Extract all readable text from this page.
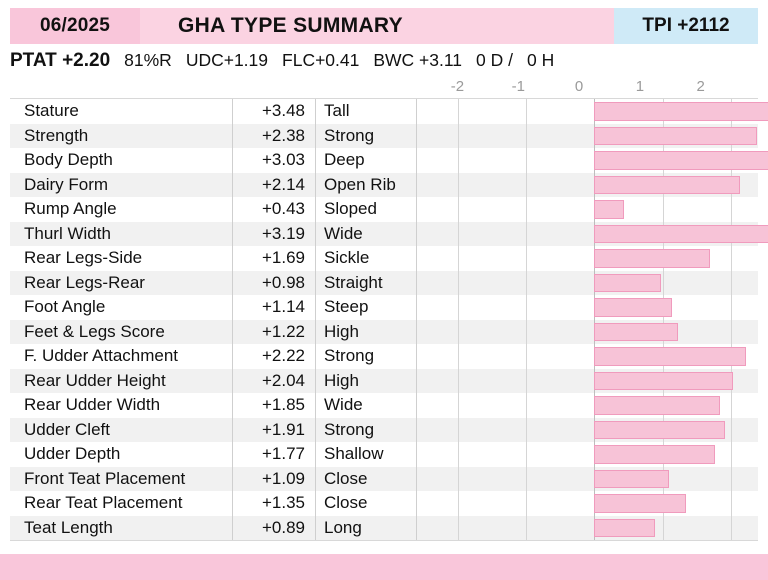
06/2025	GHA TYPE SUMMARY	TPI +2112
PTAT +2.20 81%R UDC+1.19 FLC+0.41 BWC +3.11 0 D / 0 H
-2	-1	0	1	2
Stature	+3.48	Tall
Strength	+2.38	Strong
Body Depth	+3.03	Deep
Dairy Form	+2.14	Open Rib
Rump Angle	+0.43	Sloped
Thurl Width	+3.19	Wide
Rear Legs-Side	+1.69	Sickle
Rear Legs-Rear	+0.98	Straight
Foot Angle	+1.14	Steep
Feet & Legs Score	+1.22	High
F. Udder Attachment	+2.22	Strong
Rear Udder Height	+2.04	High
Rear Udder Width	+1.85	Wide
Udder Cleft	+1.91	Strong
Udder Depth	+1.77	Shallow
Front Teat Placement	+1.09	Close
Rear Teat Placement	+1.35	Close
Teat Length	+0.89	Long
